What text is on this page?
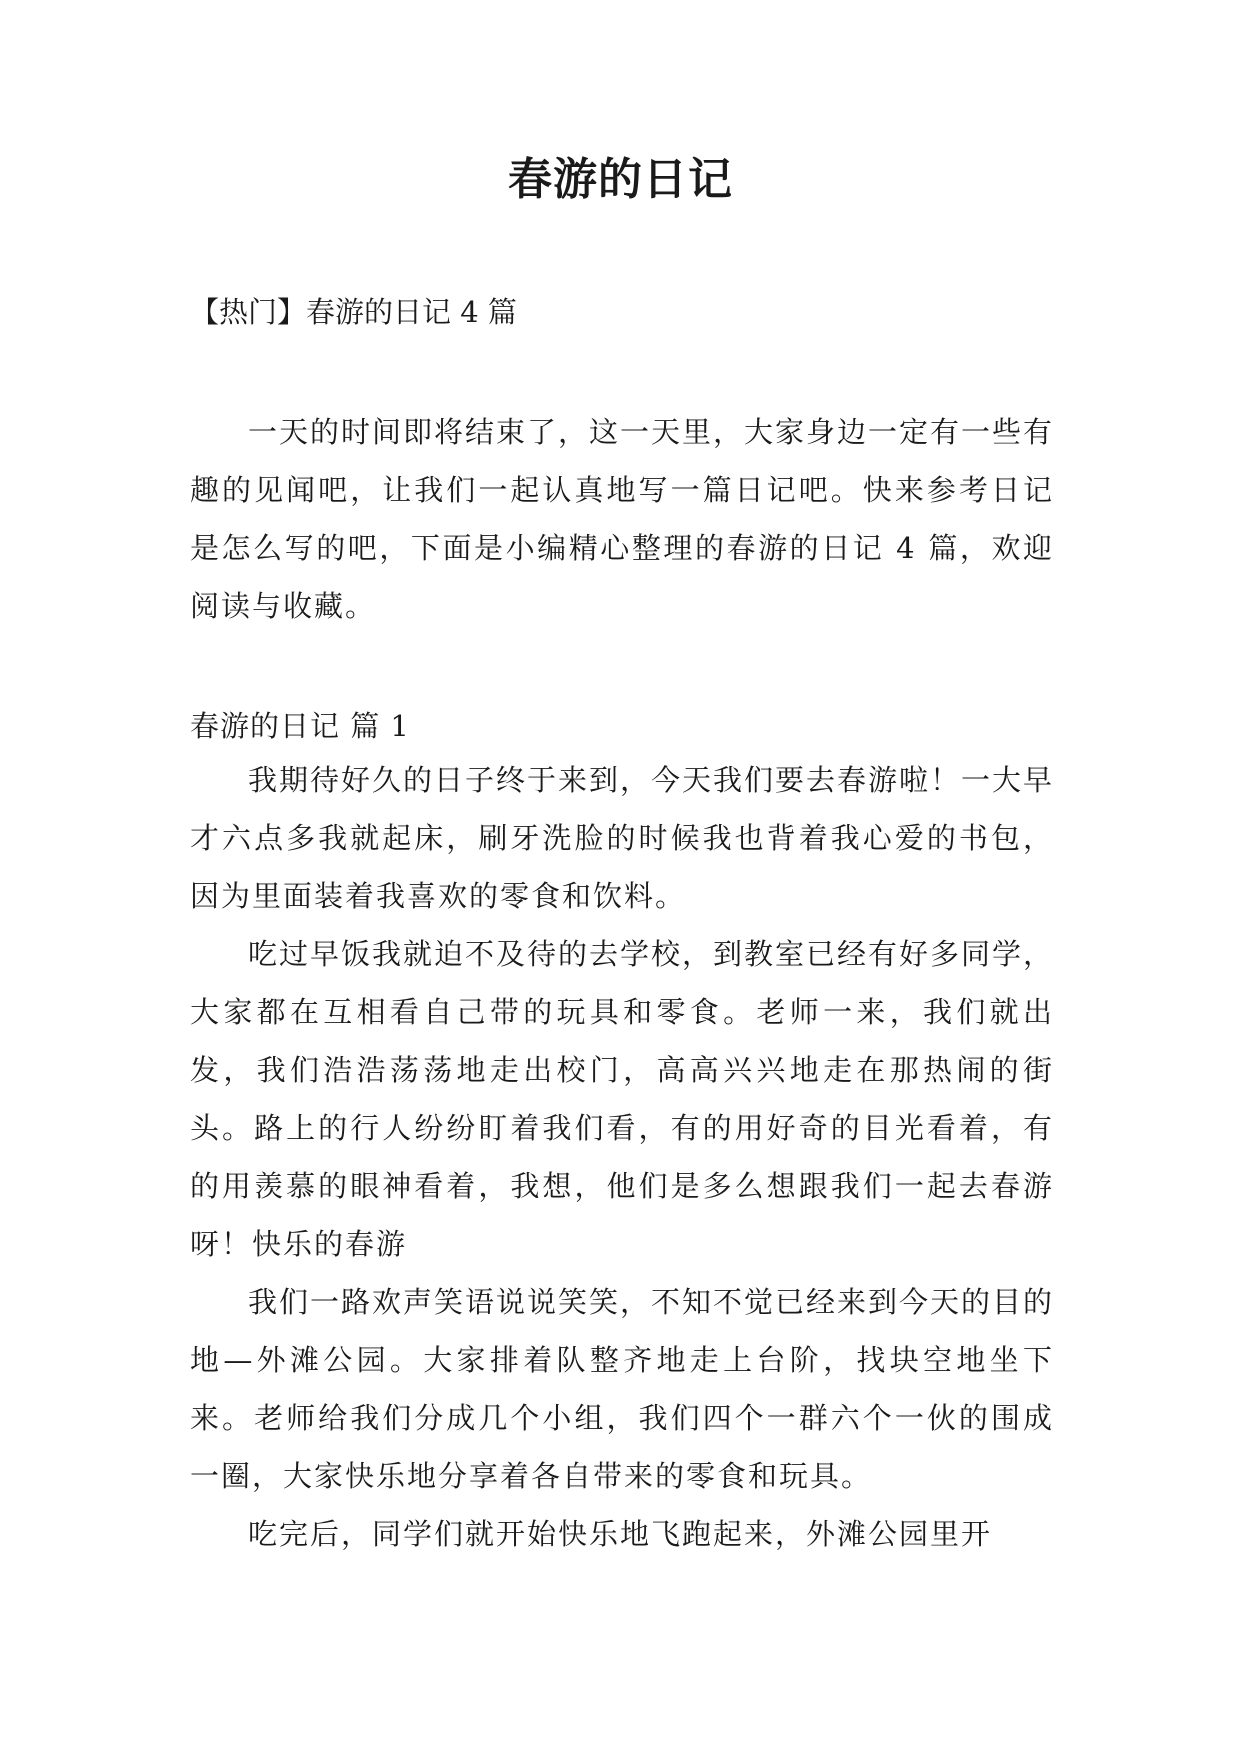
春游的日记
【热门】春游的日记 4 篇

一天的时间即将结束了，这一天里，大家身边一定有一些有趣的见闻吧，让我们一起认真地写一篇日记吧。快来参考日记是怎么写的吧，下面是小编精心整理的春游的日记 4 篇，欢迎阅读与收藏。

春游的日记 篇 1

我期待好久的日子终于来到，今天我们要去春游啦！一大早才六点多我就起床，刷牙洗脸的时候我也背着我心爱的书包，因为里面装着我喜欢的零食和饮料。

吃过早饭我就迫不及待的去学校，到教室已经有好多同学，大家都在互相看自己带的玩具和零食。老师一来，我们就出发，我们浩浩荡荡地走出校门，高高兴兴地走在那热闹的街头。路上的行人纷纷盯着我们看，有的用好奇的目光看着，有的用羡慕的眼神看着，我想，他们是多么想跟我们一起去春游呀！快乐的春游

我们一路欢声笑语说说笑笑，不知不觉已经来到今天的目的地—外滩公园。大家排着队整齐地走上台阶，找块空地坐下来。老师给我们分成几个小组，我们四个一群六个一伙的围成一圈，大家快乐地分享着各自带来的零食和玩具。

吃完后，同学们就开始快乐地飞跑起来，外滩公园里开
